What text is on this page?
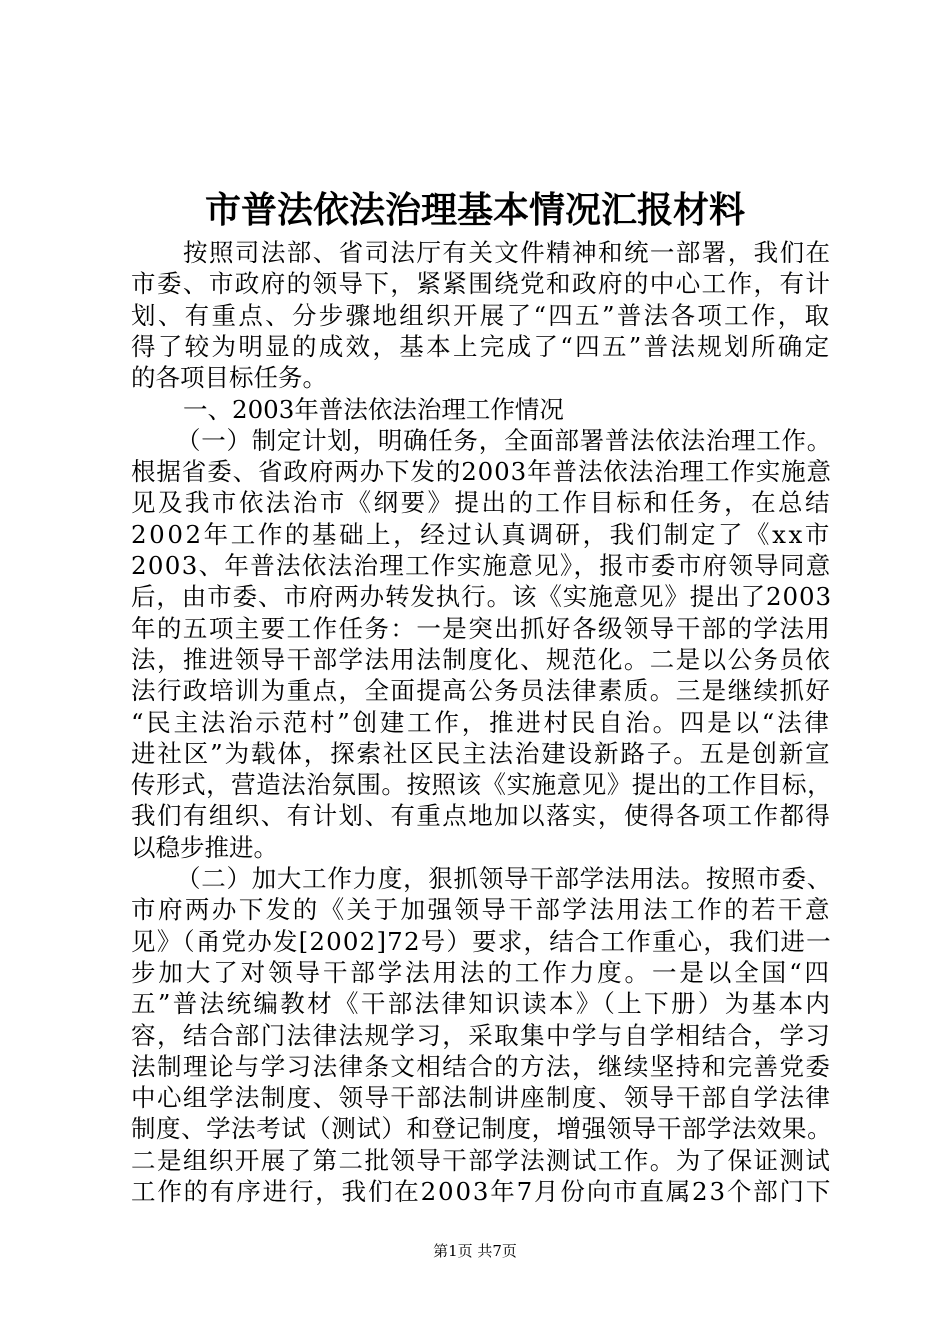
市普法依法治理基本情况汇报材料
按照司法部、省司法厅有关文件精神和统一部署，我们在
市委、市政府的领导下，紧紧围绕党和政府的中心工作，有计
划、有重点、分步骤地组织开展了“四五”普法各项工作，取
得了较为明显的成效，基本上完成了“四五”普法规划所确定
的各项目标任务。
一、2003年普法依法治理工作情况
（一）制定计划，明确任务，全面部署普法依法治理工作。
根据省委、省政府两办下发的2003年普法依法治理工作实施意
见及我市依法治市《纲要》提出的工作目标和任务，在总结
2002年工作的基础上，经过认真调研，我们制定了《xx市
2003、年普法依法治理工作实施意见》，报市委市府领导同意
后，由市委、市府两办转发执行。该《实施意见》提出了2003
年的五项主要工作任务：一是突出抓好各级领导干部的学法用
法，推进领导干部学法用法制度化、规范化。二是以公务员依
法行政培训为重点，全面提高公务员法律素质。三是继续抓好
“民主法治示范村”创建工作，推进村民自治。四是以“法律
进社区”为载体，探索社区民主法治建设新路子。五是创新宣
传形式，营造法治氛围。按照该《实施意见》提出的工作目标，
我们有组织、有计划、有重点地加以落实，使得各项工作都得
以稳步推进。
（二）加大工作力度，狠抓领导干部学法用法。按照市委、
市府两办下发的《关于加强领导干部学法用法工作的若干意
见》（甬党办发[2002]72号）要求，结合工作重心，我们进一
步加大了对领导干部学法用法的工作力度。一是以全国“四
五”普法统编教材《干部法律知识读本》（上下册）为基本内
容，结合部门法律法规学习，采取集中学与自学相结合，学习
法制理论与学习法律条文相结合的方法，继续坚持和完善党委
中心组学法制度、领导干部法制讲座制度、领导干部自学法律
制度、学法考试（测试）和登记制度，增强领导干部学法效果。
二是组织开展了第二批领导干部学法测试工作。为了保证测试
工作的有序进行，我们在2003年7月份向市直属23个部门下
第1页 共7页
